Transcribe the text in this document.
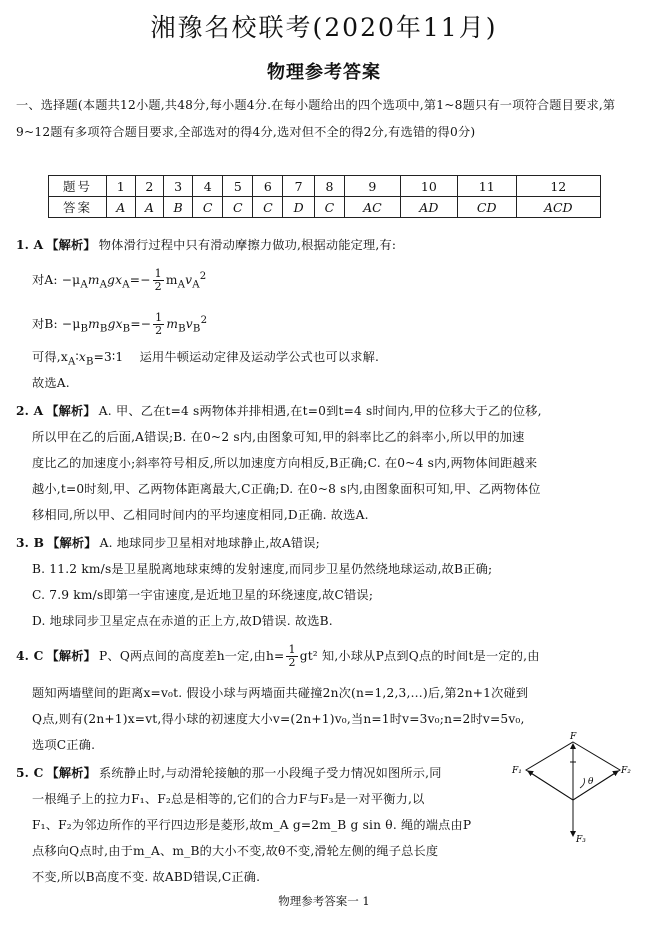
湘豫名校联考(2020年11月)
物理参考答案
一、选择题(本题共12小题,共48分,每小题4分.在每小题给出的四个选项中,第1~8题只有一项符合题目要求,第9~12题有多项符合题目要求,全部选对的得4分,选对但不全的得2分,有选错的得0分)
题号	1	2	3	4	5	6	7	8	9	10	11	12
答案	A	A	B	C	C	C	D	C	AC	AD	CD	ACD
1. A 【解析】 物体滑行过程中只有滑动摩擦力做功,根据动能定理,有:
对A: $-\mu_Am_Agx_A=- \frac{1}{2} m_Av_A^2$
对B: $-\mu_Bm_Bgx_B=- \frac{1}{2} m_Bv_B^2$
可得$,x_A∶x_B=3∶1$ 运用牛顿运动定律及运动学公式也可以求解.
故选A.
2. A 【解析】 A. 甲、乙在t=4 s两物体并排相遇,在t=0到t=4 s时间内,甲的位移大于乙的位移,
所以甲在乙的后面,A错误;B. 在0~2 s内,由图象可知,甲的斜率比乙的斜率小,所以甲的加速
度比乙的加速度小;斜率符号相反,所以加速度方向相反,B正确;C. 在0~4 s内,两物体间距越来
越小,t=0时刻,甲、乙两物体距离最大,C正确;D. 在0~8 s内,由图象面积可知,甲、乙两物体位
移相同,所以甲、乙相同时间内的平均速度相同,D正确. 故选A.
3. B 【解析】 A. 地球同步卫星相对地球静止,故A错误;
B. 11.2 km/s是卫星脱离地球束缚的发射速度,而同步卫星仍然绕地球运动,故B正确;
C. 7.9 km/s即第一宇宙速度,是近地卫星的环绕速度,故C错误;
D. 地球同步卫星定点在赤道的正上方,故D错误. 故选B.
4. C 【解析】 P、Q两点间的高度差h一定,由$h= \frac{1}{2} gt^2$ 知,小球从P点到Q点的时间t是一定的,由
题知两墙壁间的距离x=v₀t. 假设小球与两墙面共碰撞2n次(n=1,2,3,…)后,第2n+1次碰到
Q点,则有(2n+1)x=vt,得小球的初速度大小v=(2n+1)v₀,当n=1时v=3v₀;n=2时v=5v₀,
选项C正确.
5. C 【解析】 系统静止时,与动滑轮接触的那一小段绳子受力情况如图所示,同
一根绳子上的拉力F₁、F₂总是相等的,它们的合力F与F₃是一对平衡力,以
F₁、F₂为邻边所作的平行四边形是菱形,故m_A g=2m_B g sin θ. 绳的端点由P
点移向Q点时,由于m_A、m_B的大小不变,故θ不变,滑轮左侧的绳子总长度
不变,所以B高度不变. 故ABD错误,C正确.
F
F₁	F₂
F₃
θ
物理参考答案一 1
